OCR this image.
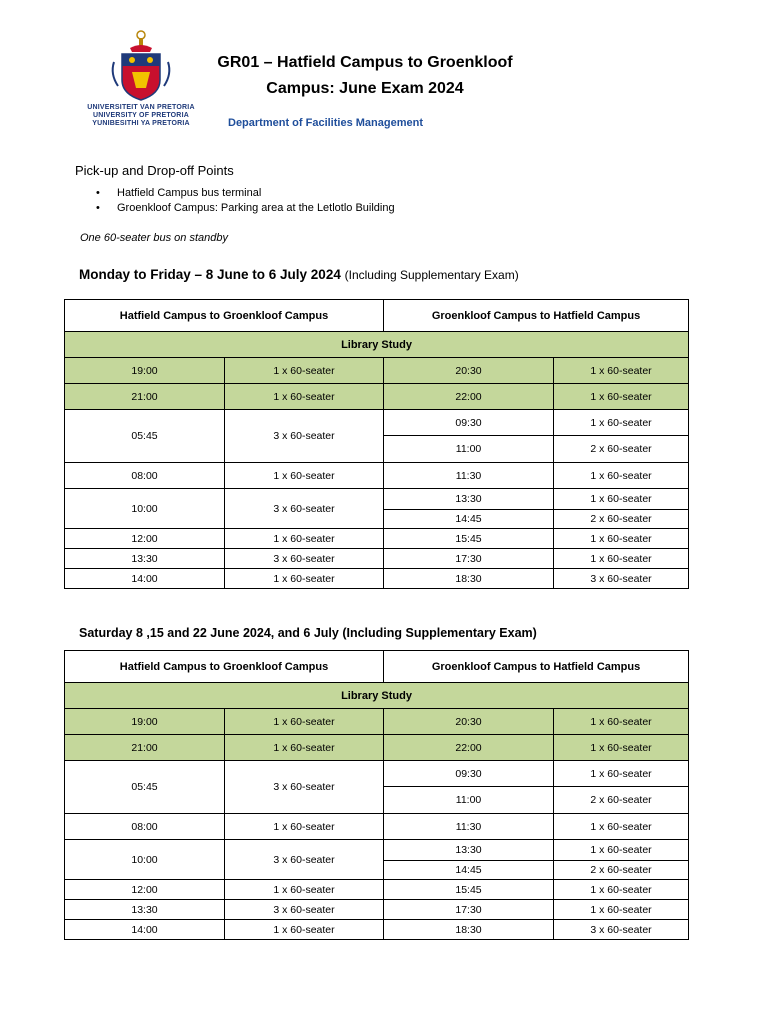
UNIVERSITEIT VAN PRETORIA
UNIVERSITY OF PRETORIA
YUNIBESITHI YA PRETORIA
GR01 – Hatfield Campus to Groenkloof
Campus: June Exam 2024
Department of Facilities Management
Pick-up and Drop-off Points
• Hatfield Campus bus terminal
• Groenkloof Campus: Parking area at the Letlotlo Building
One 60-seater bus on standby
Monday to Friday – 8 June to 6 July 2024 (Including Supplementary Exam)
Hatfield Campus to Groenkloof Campus		Groenkloof Campus to Hatfield Campus	
Library Study			
19:00	1 x 60-seater	20:30	1 x 60-seater
21:00	1 x 60-seater	22:00	1 x 60-seater
05:45	3 x 60-seater	09:30	1 x 60-seater
		11:00	2 x 60-seater
08:00	1 x 60-seater	11:30	1 x 60-seater
10:00	3 x 60-seater	13:30	1 x 60-seater
		14:45	2 x 60-seater
12:00	1 x 60-seater	15:45	1 x 60-seater
13:30	3 x 60-seater	17:30	1 x 60-seater
14:00	1 x 60-seater	18:30	3 x 60-seater
Saturday 8 ,15 and 22 June 2024, and 6 July (Including Supplementary Exam)
Hatfield Campus to Groenkloof Campus		Groenkloof Campus to Hatfield Campus	
Library Study			
19:00	1 x 60-seater	20:30	1 x 60-seater
21:00	1 x 60-seater	22:00	1 x 60-seater
05:45	3 x 60-seater	09:30	1 x 60-seater
		11:00	2 x 60-seater
08:00	1 x 60-seater	11:30	1 x 60-seater
10:00	3 x 60-seater	13:30	1 x 60-seater
		14:45	2 x 60-seater
12:00	1 x 60-seater	15:45	1 x 60-seater
13:30	3 x 60-seater	17:30	1 x 60-seater
14:00	1 x 60-seater	18:30	3 x 60-seater
